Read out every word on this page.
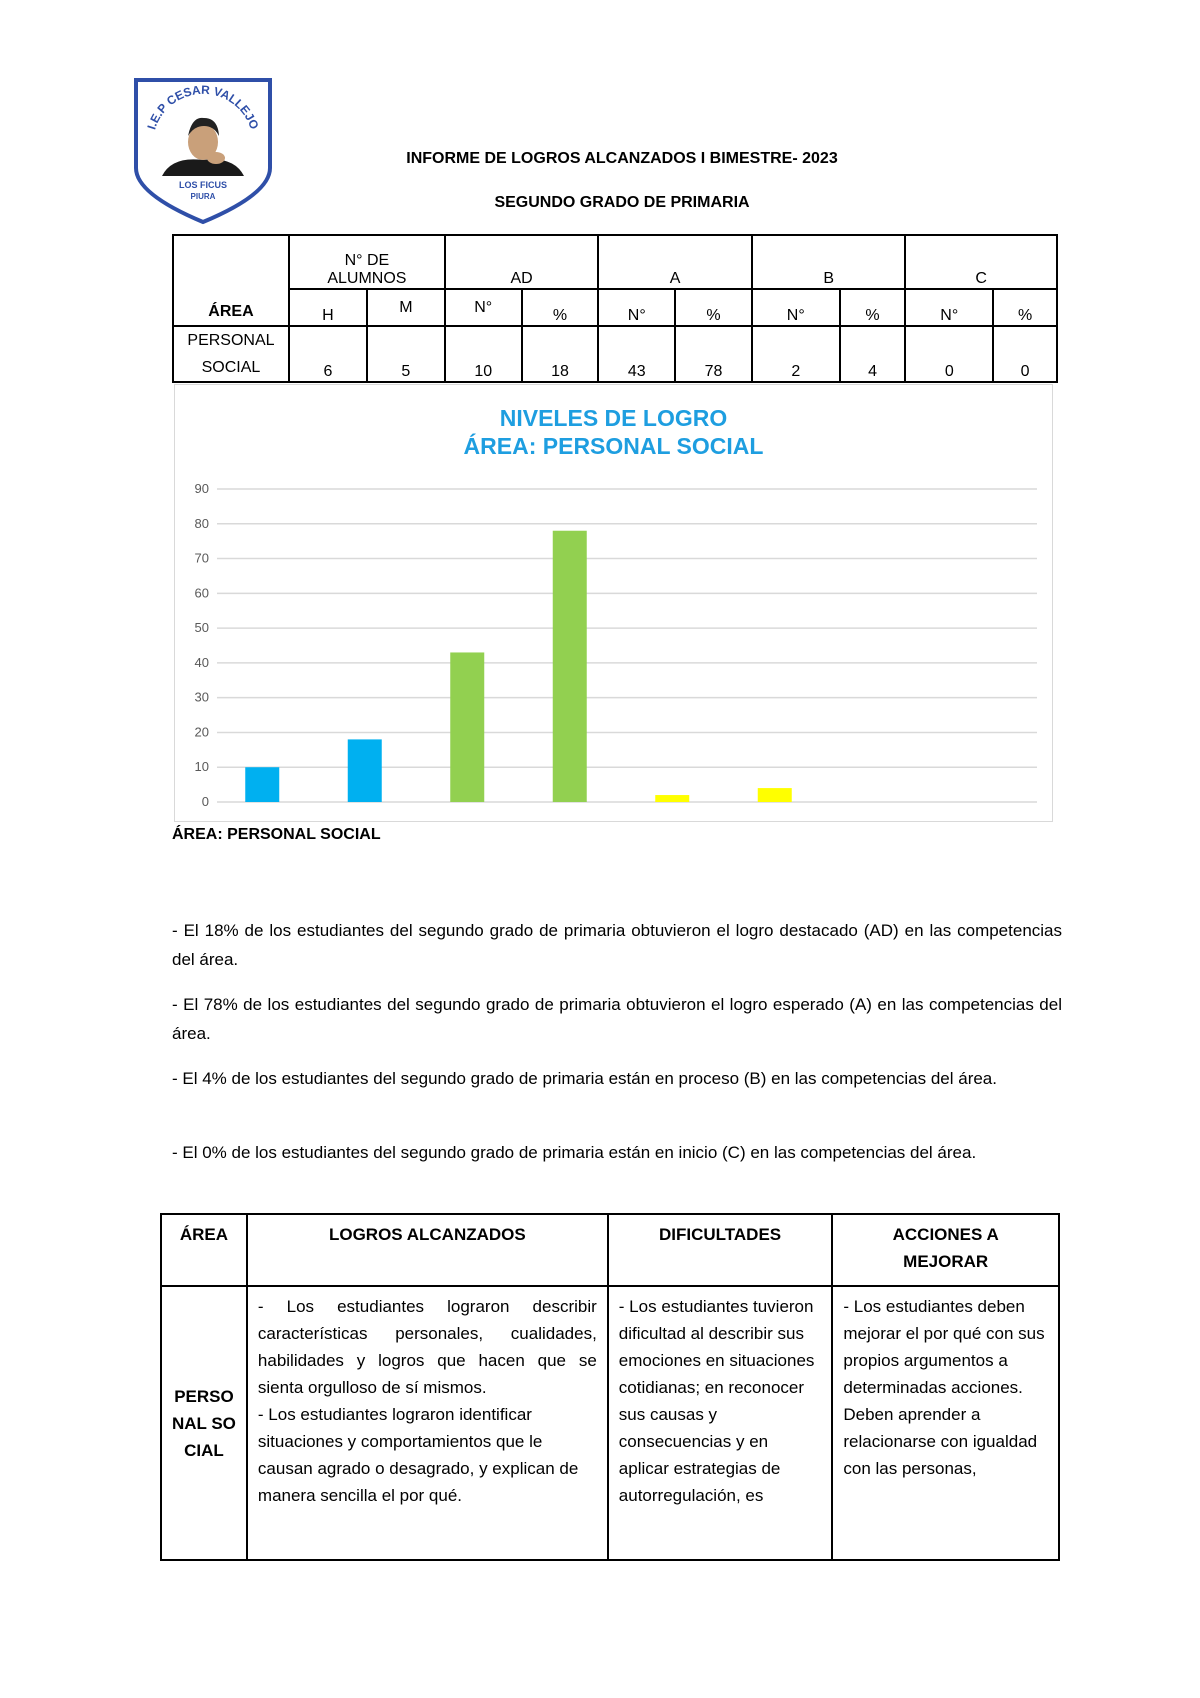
I.E.P CESAR VALLEJO
LOS FICUS
PIURA
INFORME DE LOGROS ALCANZADOS I BIMESTRE- 2023
SEGUNDO GRADO DE PRIMARIA
ÁREA	N° DE ALUMNOS		AD		A		B		C	
	H	M	N°	%	N°	%	N°	%	N°	%
PERSONAL SOCIAL	6	5	10	18	43	78	2	4	0	0
NIVELES DE LOGRO
ÁREA: PERSONAL SOCIAL
0
10
20
30
40
50
60
70
80
90
ÁREA: PERSONAL SOCIAL
- El 18% de los estudiantes del segundo grado de primaria obtuvieron el logro destacado (AD) en las competencias del área.
- El 78% de los estudiantes del segundo grado de primaria obtuvieron el logro esperado (A) en las competencias del área.
- El 4% de los estudiantes del segundo grado de primaria están en proceso (B) en las competencias del área.
- El 0% de los estudiantes del segundo grado de primaria están en inicio (C) en las competencias del área.
ÁREA	LOGROS ALCANZADOS	DIFICULTADES	ACCIONES A MEJORAR
PERSONAL SOCIAL	- Los estudiantes lograron describir características personales, cualidades, habilidades y logros que hacen que se sienta orgulloso de sí mismos.
- Los estudiantes lograron identificar situaciones y comportamientos que le causan agrado o desagrado, y explican de manera sencilla el por qué.	- Los estudiantes tuvieron dificultad al describir sus emociones en situaciones cotidianas; en reconocer sus causas y consecuencias y en aplicar estrategias de autorregulación, es	- Los estudiantes deben mejorar el por qué con sus propios argumentos a determinadas acciones. Deben aprender a relacionarse con igualdad con las personas,
